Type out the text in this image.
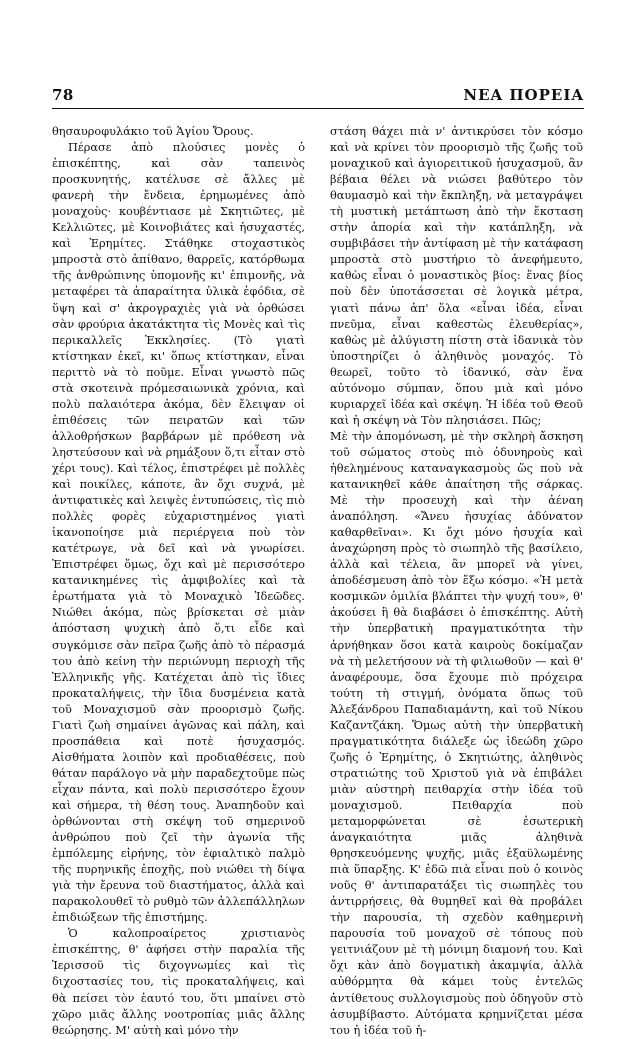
78	ΝΕΑ ΠΟΡΕΙΑ

θησαυροφυλάκιο τοῦ Ἁγίου Ὄρους.

Πέρασε ἀπὸ πλούσιες μονὲς ὁ ἐπισκέπτης, καὶ σὰν ταπεινὸς προσκυνητής, κατέλυσε σὲ ἄλλες μὲ φανερὴ τὴν ἔνδεια, ἐρημωμένες ἀπὸ μοναχοὺς· κουβέντιασε μὲ Σκητιῶτες, μὲ Κελλιῶτες, μὲ Κοινοβιάτες καὶ ἡσυχαστές, καὶ Ἐρημίτες. Στάθηκε στοχαστικὸς μπροστὰ στὸ ἀπίθανο, θαρρεῖς, κατόρθωμα τῆς ἀνθρώπινης ὑπομονῆς κι' ἐπιμονῆς, νὰ μεταφέρει τὰ ἀπαραίτητα ὑλικὰ ἐφόδια, σὲ ὕψη καὶ σ' ἀκρογραχιὲς γιὰ νὰ ὀρθώσει σὰν φρούρια ἀκατάκτητα τὶς Μονὲς καὶ τὶς περικαλλεῖς Ἐκκλησίες. (Τὸ γιατὶ κτίστηκαν ἐκεῖ, κι' ὅπως κτίστηκαν, εἶναι περιττὸ νὰ τὸ ποῦμε. Εἶναι γνωστὸ πῶς στὰ σκοτεινὰ πρόμεσαιωνικὰ χρόνια, καὶ πολὺ παλαιότερα ἀκόμα, δὲν ἔλειψαν οἱ ἐπιθέσεις τῶν πειρατῶν καὶ τῶν ἀλλοθρήσκων βαρβάρων μὲ πρόθεση νὰ ληστεύσουν καὶ νὰ ρημάξουν ὅ,τι εἶταν στὸ χέρι τους). Καὶ τέλος, ἐπιστρέφει μὲ πολλὲς καὶ ποικίλες, κάποτε, ἂν ὄχι συχνά, μὲ ἀντιφατικὲς καὶ λειψὲς ἐντυπώσεις, τὶς πιὸ πολλὲς φορὲς εὐχαριστημένος γιατὶ ἱκανοποίησε μιὰ περιέργεια ποὺ τὸν κατέτρωγε, νὰ δεῖ καὶ νὰ γνωρίσει. Ἐπιστρέφει ὅμως, ὄχι καὶ μὲ περισσότερο κατανικημένες τὶς ἀμφιβολίες καὶ τὰ ἐρωτήματα γιὰ τὸ Μοναχικὸ Ἰδεῶδες. Νιώθει ἀκόμα, πὼς βρίσκεται σὲ μιὰν ἀπόσταση ψυχικὴ ἀπὸ ὅ,τι εἶδε καὶ συγκόμισε σὰν πεῖρα ζωῆς ἀπὸ τὸ πέρασμά του ἀπὸ κείνη τὴν περιώνυμη περιοχὴ τῆς Ἑλληνικῆς γῆς. Κατέχεται ἀπὸ τὶς ἴδιες προκαταλήψεις, τὴν ἴδια δυσμένεια κατὰ τοῦ Μοναχισμοῦ σὰν προορισμὸ ζωῆς. Γιατὶ ζωὴ σημαίνει ἀγῶνας καὶ πάλη, καὶ προσπάθεια καὶ ποτὲ ἡσυχασμός. Αἰσθήματα λοιπὸν καὶ προδιαθέσεις, ποὺ θάταν παράλογο νὰ μὴν παραδεχτοῦμε πὼς εἶχαν πάντα, καὶ πολὺ περισσότερο ἔχουν καὶ σήμερα, τὴ θέση τους. Ἀναπηδοῦν καὶ ὀρθώνονται στὴ σκέψη τοῦ σημερινοῦ ἀνθρώπου ποὺ ζεῖ τὴν ἀγωνία τῆς ἐμπόλεμης εἰρήνης, τὸν ἐφιαλτικὸ παλμὸ τῆς πυρηνικῆς ἐποχῆς, ποὺ νιώθει τὴ δίψα γιὰ τὴν ἔρευνα τοῦ διαστήματος, ἀλλὰ καὶ παρακολουθεῖ τὸ ρυθμὸ τῶν ἀλλεπάλληλων ἐπιδιώξεων τῆς ἐπιστήμης.

Ὁ καλοπροαίρετος χριστιανὸς ἐπισκέπτης, θ' ἀφήσει στὴν παραλία τῆς Ἱερισσοῦ τὶς διχογνωμίες καὶ τὶς διχοστασίες του, τὶς προκαταλήψεις, καὶ θὰ πείσει τὸν ἑαυτό του, ὅτι μπαίνει στὸ χῶρο μιᾶς ἄλλης νοοτροπίας μιᾶς ἄλλης θεώρησης. Μ' αὐτὴ καὶ μόνο τὴν

στάση θάχει πιὰ ν' ἀντικρύσει τὸν κόσμο καὶ νὰ κρίνει τὸν προορισμὸ τῆς ζωῆς τοῦ μοναχικοῦ καὶ ἁγιορειτικοῦ ἡσυχασμοῦ, ἂν βέβαια θέλει νὰ νιώσει βαθύτερο τὸν θαυμασμὸ καὶ τὴν ἔκπληξη, νὰ μεταγράψει τὴ μυστικὴ μετάπτωση ἀπὸ τὴν ἔκσταση στὴν ἀπορία καὶ τὴν κατάπληξη, νὰ συμβιβάσει τὴν ἀντίφαση μὲ τὴν κατάφαση μπροστὰ στὸ μυστήριο τὸ ἀνεφήμευτο, καθὼς εἶναι ὁ μοναστικὸς βίος: ἕνας βίος ποὺ δὲν ὑποτάσσεται σὲ λογικὰ μέτρα, γιατὶ πάνω ἀπ' ὅλα «εἶναι ἰδέα, εἶναι πνεῦμα, εἶναι καθεστὼς ἐλευθερίας», καθὼς μὲ ἀλύγιστη πίστη στὰ ἰδανικὰ τὸν ὑποστηρίζει ὁ ἀληθινὸς μοναχός. Τὸ θεωρεῖ, τοῦτο τὸ ἰδανικό, σὰν ἕνα αὐτόνομο σύμπαν, ὅπου μιὰ καὶ μόνο κυριαρχεῖ ἰδέα καὶ σκέψη. Ἡ ἰδέα τοῦ Θεοῦ καὶ ἡ σκέψη νὰ Τὸν πλησιάσει. Πῶς;

Μὲ τὴν ἀπομόνωση, μὲ τὴν σκληρὴ ἄσκηση τοῦ σώματος στοὺς πιὸ ὀδυνηροὺς καὶ ἠθελημένους καταναγκασμοὺς ὥς ποὺ νὰ κατανικηθεῖ κάθε ἀπαίτηση τῆς σάρκας. Μὲ τὴν προσευχὴ καὶ τὴν ἀέναη ἀναπόληση. «Ἄνευ ἡσυχίας ἀδύνατον καθαρθεῖναι». Κι ὄχι μόνο ἡσυχία καὶ ἀναχώρηση πρὸς τὸ σιωπηλὸ τῆς βασίλειο, ἀλλὰ καὶ τέλεια, ἂν μπορεῖ νὰ γίνει, ἀποδέσμευση ἀπὸ τὸν ἔξω κόσμο. «Ἡ μετὰ κοσμικῶν ὁμιλία βλάπτει τὴν ψυχή του», θ' ἀκούσει ἢ θὰ διαβάσει ὁ ἐπισκέπτης. Αὐτὴ τὴν ὑπερβατικὴ πραγματικότητα τὴν ἀρνήθηκαν ὅσοι κατὰ καιροὺς δοκίμαζαν νὰ τὴ μελετήσουν νὰ τὴ φιλιωθοῦν — καὶ θ' ἀναφέρουμε, ὅσα ἔχουμε πιὸ πρόχειρα τούτη τὴ στιγμή, ὀνόματα ὅπως τοῦ Ἀλεξάνδρου Παπαδιαμάντη, καὶ τοῦ Νίκου Καζαντζάκη. Ὅμως αὐτὴ τὴν ὑπερβατικὴ πραγματικότητα διάλεξε ὡς ἰδεώδη χῶρο ζωῆς ὁ Ἐρημίτης, ὁ Σκητιώτης, ἀληθινὸς στρατιώτης τοῦ Χριστοῦ γιὰ νὰ ἐπιβάλει μιὰν αὐστηρὴ πειθαρχία στὴν ἰδέα τοῦ μοναχισμοῦ. Πειθαρχία ποὺ μεταμορφώνεται σὲ ἐσωτερικὴ ἀναγκαιότητα μιᾶς ἀληθινὰ θρησκευόμενης ψυχῆς, μιᾶς ἐξαϋλωμένης πιὰ ὕπαρξης. Κ' ἐδῶ πιὰ εἶναι ποὺ ὁ κοινὸς νοῦς θ' ἀντιπαρατάξει τὶς σιωπηλὲς του ἀντιρρήσεις, θὰ θυμηθεῖ καὶ θὰ προβάλει τὴν παρουσία, τὴ σχεδὸν καθημερινὴ παρουσία τοῦ μοναχοῦ σὲ τόπους ποὺ γειτνιάζουν μὲ τὴ μόνιμη διαμονή του. Καὶ ὄχι κὰν ἀπὸ δογματικὴ ἀκαμψία, ἀλλὰ αὐθόρμητα θὰ κάμει τοὺς ἐντελῶς ἀντίθετους συλλογισμοὺς ποὺ ὁδηγοῦν στὸ ἀσυμβίβαστο. Αὐτόματα κρημνίζεται μέσα του ἡ ἰδέα τοῦ ἡ-
